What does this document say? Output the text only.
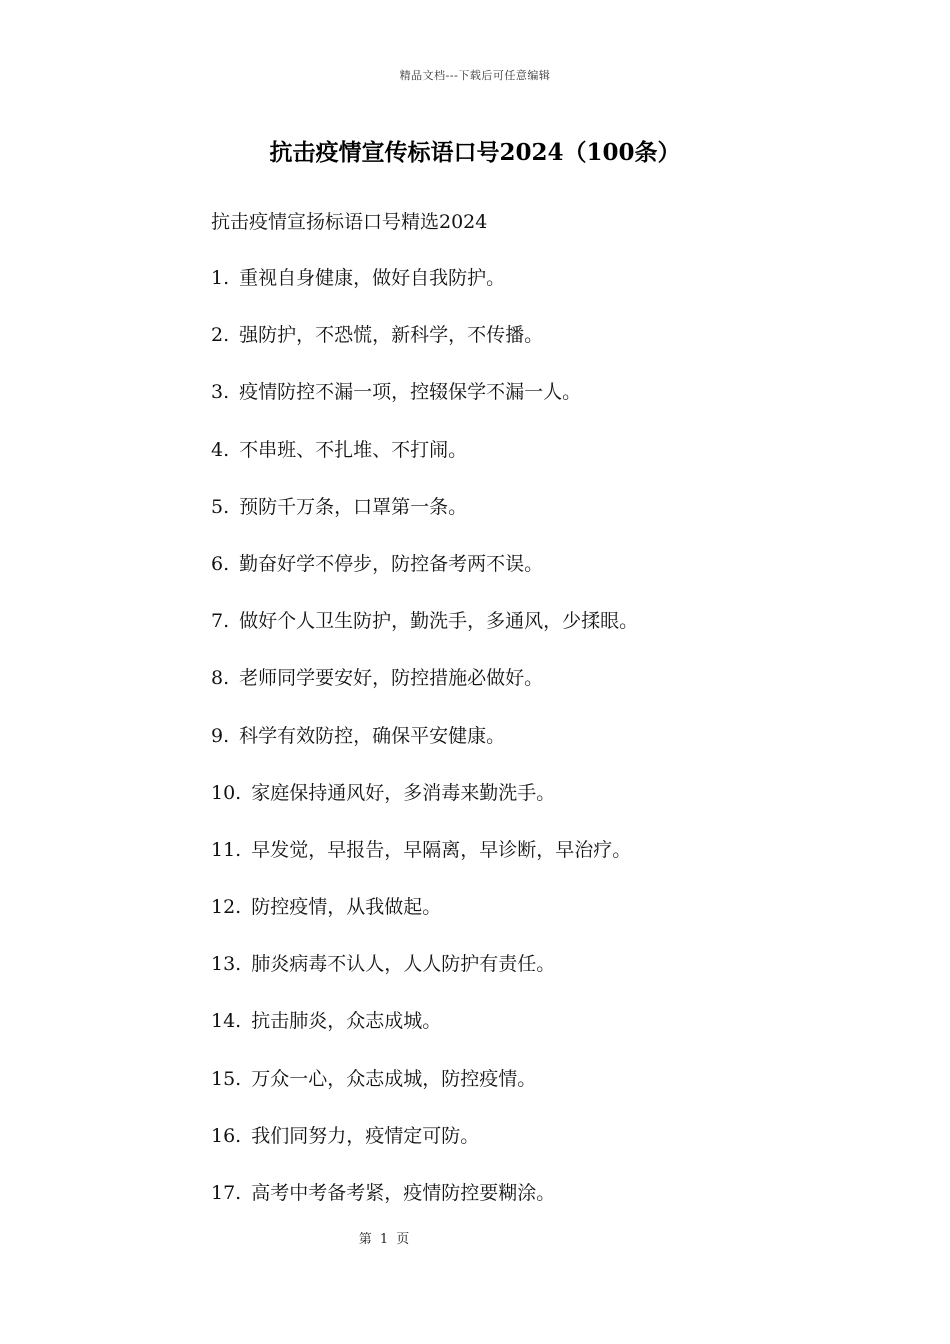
精品文档---下载后可任意编辑
抗击疫情宣传标语口号2024（100条）
抗击疫情宣扬标语口号精选2024
1. 重视自身健康，做好自我防护。
2. 强防护，不恐慌，新科学，不传播。
3. 疫情防控不漏一项，控辍保学不漏一人。
4. 不串班、不扎堆、不打闹。
5. 预防千万条，口罩第一条。
6. 勤奋好学不停步，防控备考两不误。
7. 做好个人卫生防护，勤洗手，多通风，少揉眼。
8. 老师同学要安好，防控措施必做好。
9. 科学有效防控，确保平安健康。
10. 家庭保持通风好，多消毒来勤洗手。
11. 早发觉，早报告，早隔离，早诊断，早治疗。
12. 防控疫情，从我做起。
13. 肺炎病毒不认人，人人防护有责任。
14. 抗击肺炎，众志成城。
15. 万众一心，众志成城，防控疫情。
16. 我们同努力，疫情定可防。
17. 高考中考备考紧，疫情防控要糊涂。
第 1 页
